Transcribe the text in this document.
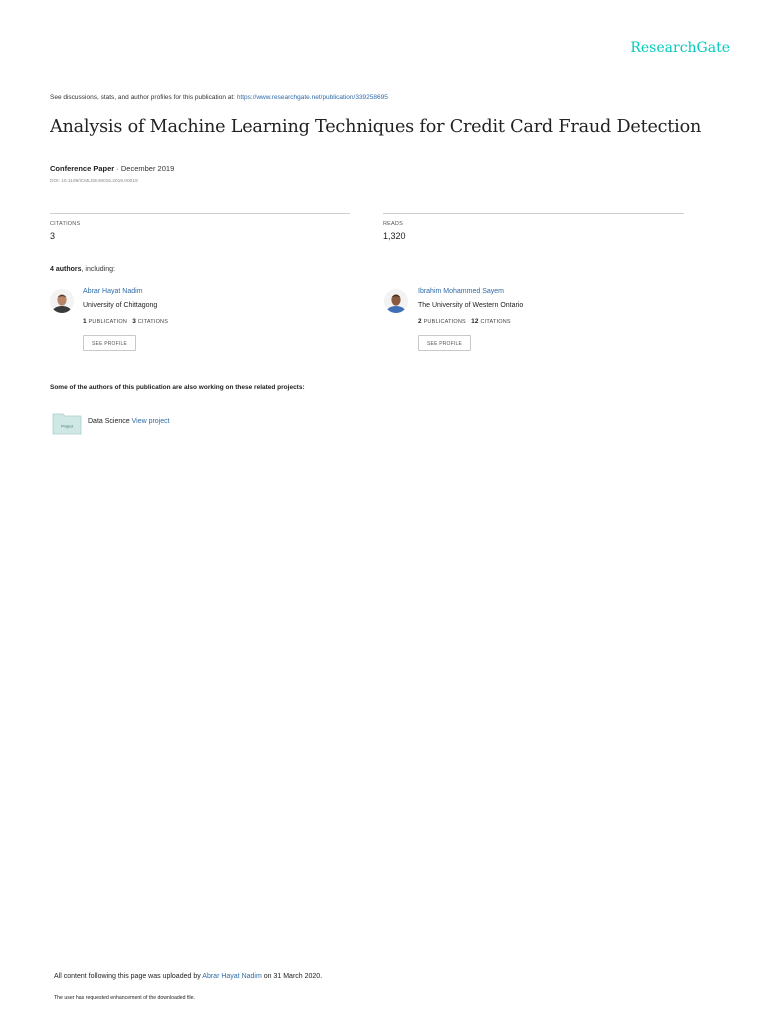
ResearchGate
See discussions, stats, and author profiles for this publication at: https://www.researchgate.net/publication/339258695
Analysis of Machine Learning Techniques for Credit Card Fraud Detection
Conference Paper · December 2019
DOI: 10.1109/ICMLDE49015.2019.00019
CITATIONS
3
READS
1,320
4 authors, including:
Abrar Hayat Nadim
University of Chittagong
1 PUBLICATION 3 CITATIONS
SEE PROFILE
Ibrahim Mohammed Sayem
The University of Western Ontario
2 PUBLICATIONS 12 CITATIONS
SEE PROFILE
Some of the authors of this publication are also working on these related projects:
Project
Data Science View project
All content following this page was uploaded by Abrar Hayat Nadim on 31 March 2020.
The user has requested enhancement of the downloaded file.
